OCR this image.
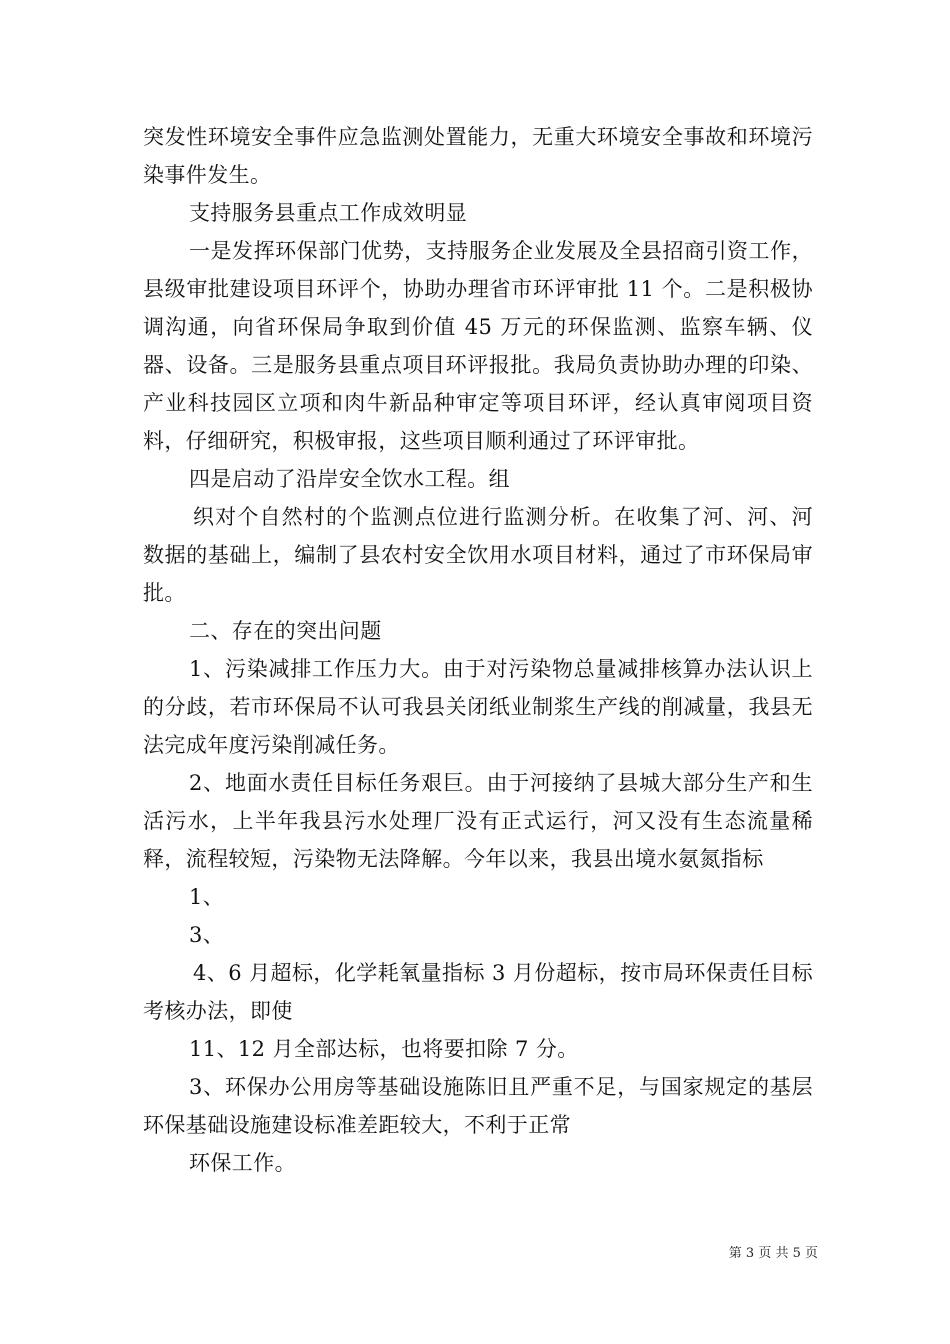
突发性环境安全事件应急监测处置能力，无重大环境安全事故和环境污染事件发生。

支持服务县重点工作成效明显

一是发挥环保部门优势，支持服务企业发展及全县招商引资工作，县级审批建设项目环评个，协助办理省市环评审批 11 个。二是积极协调沟通，向省环保局争取到价值 45 万元的环保监测、监察车辆、仪器、设备。三是服务县重点项目环评报批。我局负责协助办理的印染、产业科技园区立项和肉牛新品种审定等项目环评，经认真审阅项目资料，仔细研究，积极审报，这些项目顺利通过了环评审批。

四是启动了沿岸安全饮水工程。组

织对个自然村的个监测点位进行监测分析。在收集了河、河、河数据的基础上，编制了县农村安全饮用水项目材料，通过了市环保局审批。

二、存在的突出问题

1、污染减排工作压力大。由于对污染物总量减排核算办法认识上的分歧，若市环保局不认可我县关闭纸业制浆生产线的削减量，我县无法完成年度污染削减任务。

2、地面水责任目标任务艰巨。由于河接纳了县城大部分生产和生活污水，上半年我县污水处理厂没有正式运行，河又没有生态流量稀释，流程较短，污染物无法降解。今年以来，我县出境水氨氮指标

1、

3、

4、6 月超标，化学耗氧量指标 3 月份超标，按市局环保责任目标考核办法，即使

11、12 月全部达标，也将要扣除 7 分。

3、环保办公用房等基础设施陈旧且严重不足，与国家规定的基层环保基础设施建设标准差距较大，不利于正常

环保工作。

第 3 页 共 5 页
